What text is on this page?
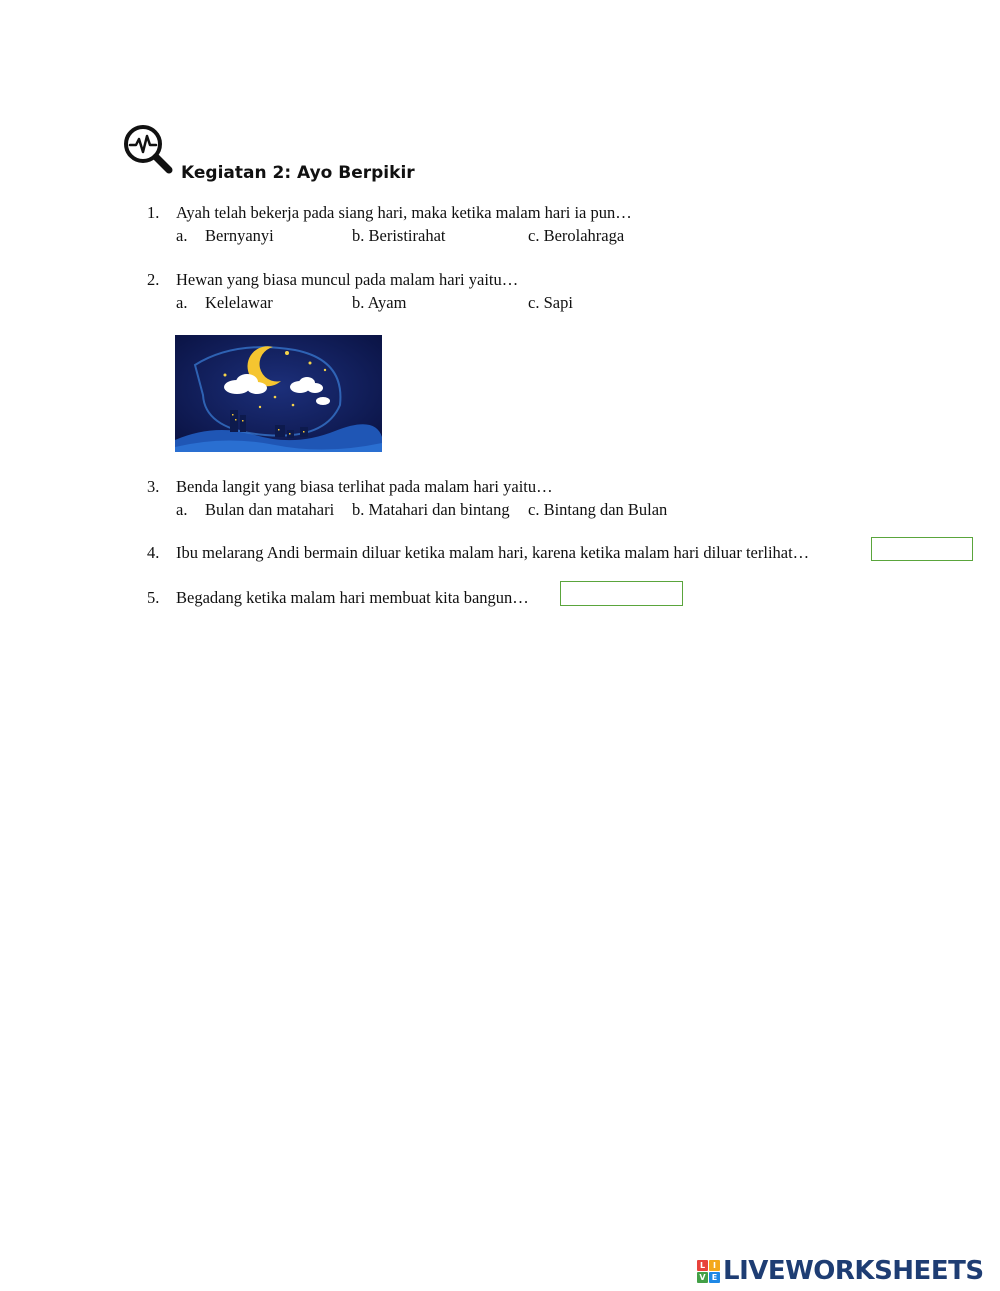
Kegiatan 2: Ayo Berpikir
1. Ayah telah bekerja pada siang hari, maka ketika malam hari ia pun…
a. Bernyanyi	b. Beristirahat	c. Berolahraga
2. Hewan yang biasa muncul pada malam hari yaitu…
a. Kelelawar	b. Ayam	c. Sapi
3. Benda langit yang biasa terlihat pada malam hari yaitu…
a. Bulan dan matahari b. Matahari dan bintang c. Bintang dan Bulan
4. Ibu melarang Andi bermain diluar ketika malam hari, karena ketika malam hari diluar terlihat…
5. Begadang ketika malam hari membuat kita bangun…
L I
V E LIVEWORKSHEETS
